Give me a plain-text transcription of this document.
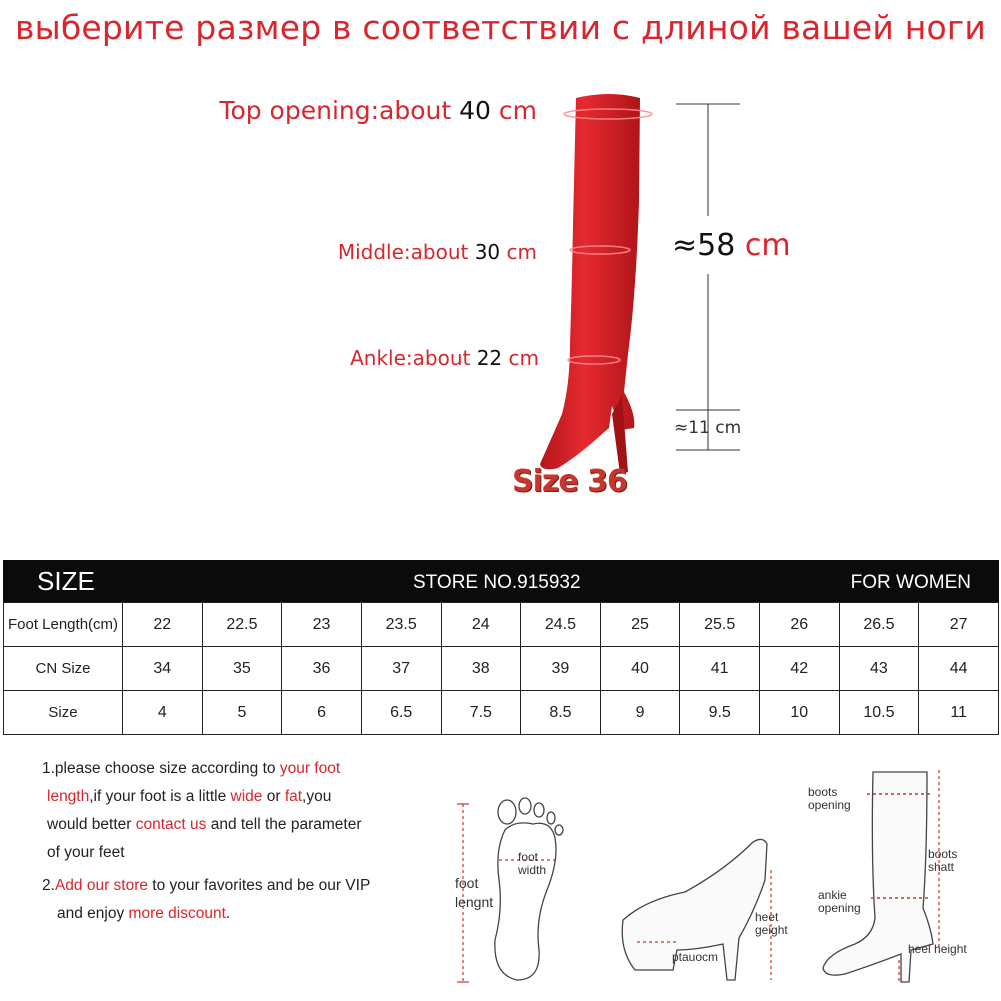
выберите размер в соответствии с длиной вашей ноги
Top opening:about 40 cm
Middle:about 30 cm
Ankle:about 22 cm
≈58 cm
≈11 cm
Size 36
SIZE	STORE NO.915932	FOR WOMEN
Foot Length(cm)	22	22.5	23	23.5	24	24.5	25	25.5	26	26.5	27
CN Size	34	35	36	37	38	39	40	41	42	43	44
Size	4	5	6	6.5	7.5	8.5	9	9.5	10	10.5	11
1.please choose size according to your foot
length,if your foot is a little wide or fat,you
would better contact us and tell the parameter
of your feet
2.Add our store to your favorites and be our VIP
and enjoy more discount.
foot
width
foot
lengnt
heet
geight
ptauocm
boots
opening
boots
shatt
ankie
opening
heel height
